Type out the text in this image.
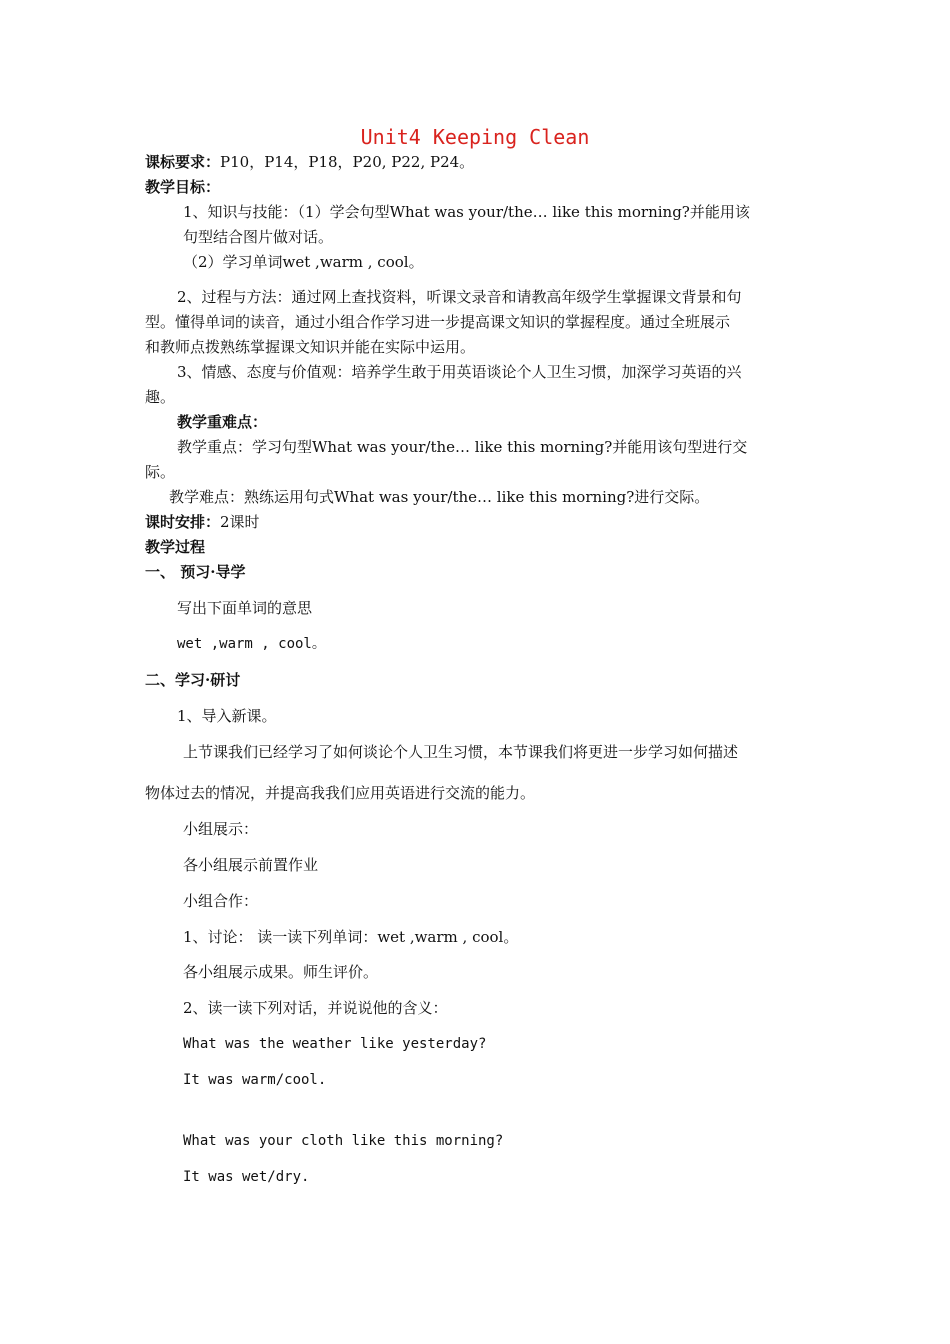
Unit4 Keeping Clean
课标要求：P10，P14，P18，P20, P22, P24。
教学目标：
1、知识与技能：（1）学会句型What was your/the… like this morning?并能用该
句型结合图片做对话。
（2）学习单词wet ,warm , cool。
2、过程与方法：通过网上查找资料，听课文录音和请教高年级学生掌握课文背景和句
型。懂得单词的读音，通过小组合作学习进一步提高课文知识的掌握程度。通过全班展示
和教师点拨熟练掌握课文知识并能在实际中运用。
3、情感、态度与价值观：培养学生敢于用英语谈论个人卫生习惯，加深学习英语的兴
趣。
教学重难点：
教学重点：学习句型What was your/the… like this morning?并能用该句型进行交
际。
教学难点：熟练运用句式What was your/the… like this morning?进行交际。
课时安排：2课时
教学过程
一、 预习·导学
写出下面单词的意思
wet ,warm , cool。
二、学习·研讨
1、导入新课。
上节课我们已经学习了如何谈论个人卫生习惯，本节课我们将更进一步学习如何描述
物体过去的情况，并提高我我们应用英语进行交流的能力。
小组展示：
各小组展示前置作业
小组合作：
1、讨论： 读一读下列单词：wet ,warm , cool。
各小组展示成果。师生评价。
2、读一读下列对话，并说说他的含义：
What was the weather like yesterday?
It was warm/cool.
What was your cloth like this morning?
It was wet/dry.
